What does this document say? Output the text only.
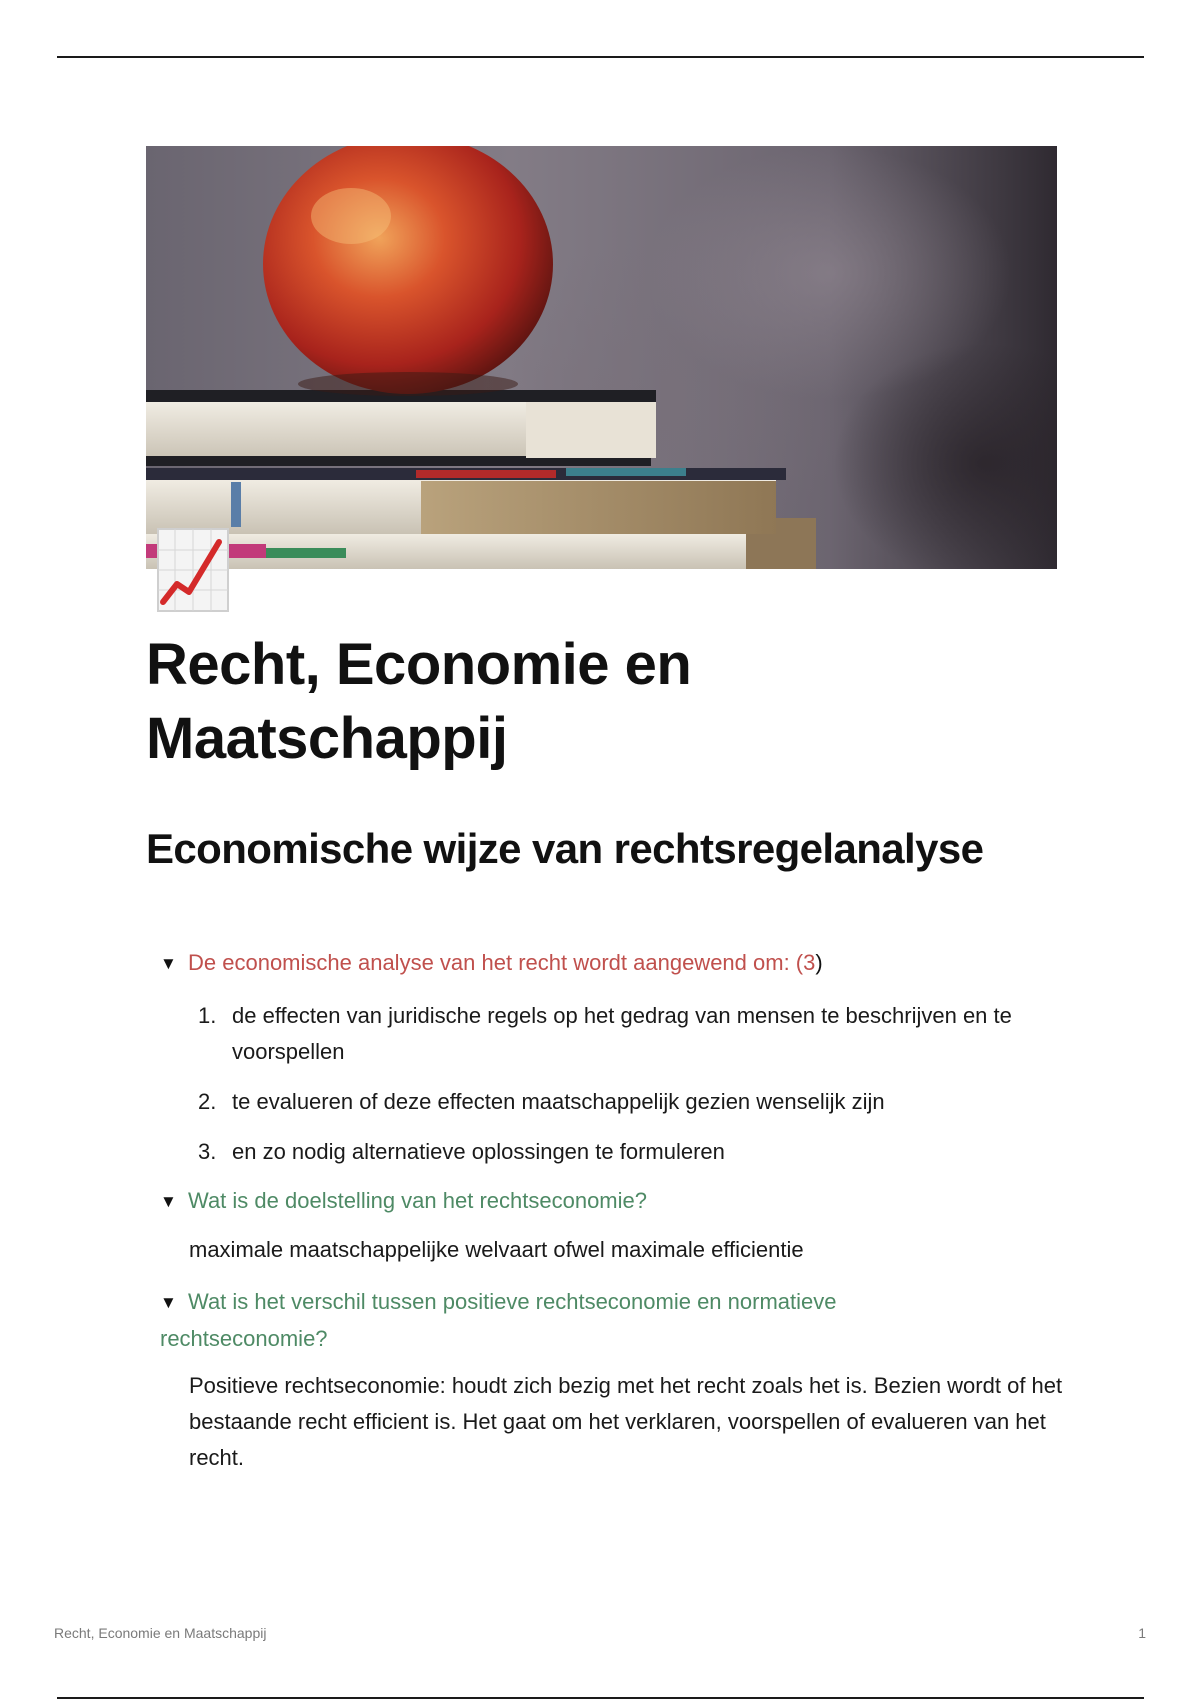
Recht, Economie en Maatschappij
Economische wijze van rechtsregelanalyse
▼ De economische analyse van het recht wordt aangewend om: (3)
1. de effecten van juridische regels op het gedrag van mensen te beschrijven en te voorspellen
2. te evalueren of deze effecten maatschappelijk gezien wenselijk zijn
3. en zo nodig alternatieve oplossingen te formuleren
▼ Wat is de doelstelling van het rechtseconomie?

maximale maatschappelijke welvaart ofwel maximale efficientie

▼ Wat is het verschil tussen positieve rechtseconomie en normatieve
rechtseconomie?

Positieve rechtseconomie: houdt zich bezig met het recht zoals het is. Bezien wordt of het bestaande recht efficient is. Het gaat om het verklaren, voorspellen of evalueren van het recht.

Recht, Economie en Maatschappij	1
